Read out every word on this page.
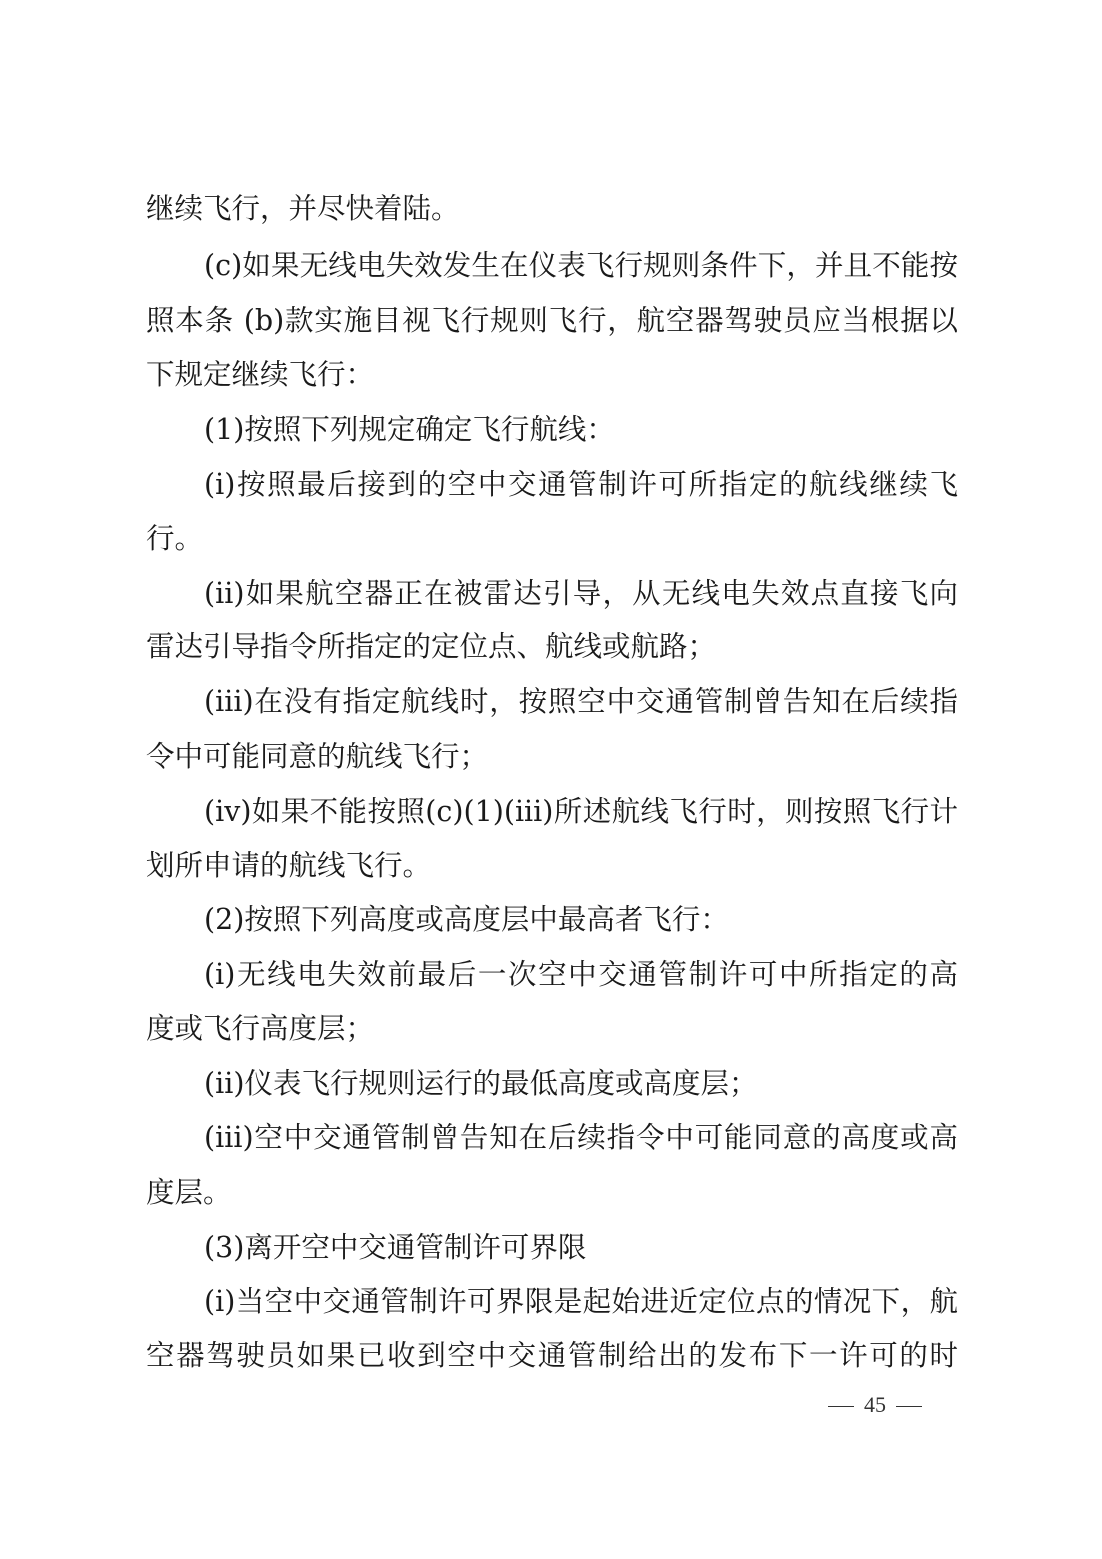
继续飞行，并尽快着陆。
(c)如果无线电失效发生在仪表飞行规则条件下，并且不能按
照本条 (b)款实施目视飞行规则飞行，航空器驾驶员应当根据以
下规定继续飞行：
(1)按照下列规定确定飞行航线：
(i)按照最后接到的空中交通管制许可所指定的航线继续飞
行。
(ii)如果航空器正在被雷达引导，从无线电失效点直接飞向
雷达引导指令所指定的定位点、航线或航路；
(iii)在没有指定航线时，按照空中交通管制曾告知在后续指
令中可能同意的航线飞行；
(iv)如果不能按照(c)(1)(iii)所述航线飞行时，则按照飞行计
划所申请的航线飞行。
(2)按照下列高度或高度层中最高者飞行：
(i)无线电失效前最后一次空中交通管制许可中所指定的高
度或飞行高度层；
(ii)仪表飞行规则运行的最低高度或高度层；
(iii)空中交通管制曾告知在后续指令中可能同意的高度或高
度层。
(3)离开空中交通管制许可界限
(i)当空中交通管制许可界限是起始进近定位点的情况下，航
空器驾驶员如果已收到空中交通管制给出的发布下一许可的时
45
